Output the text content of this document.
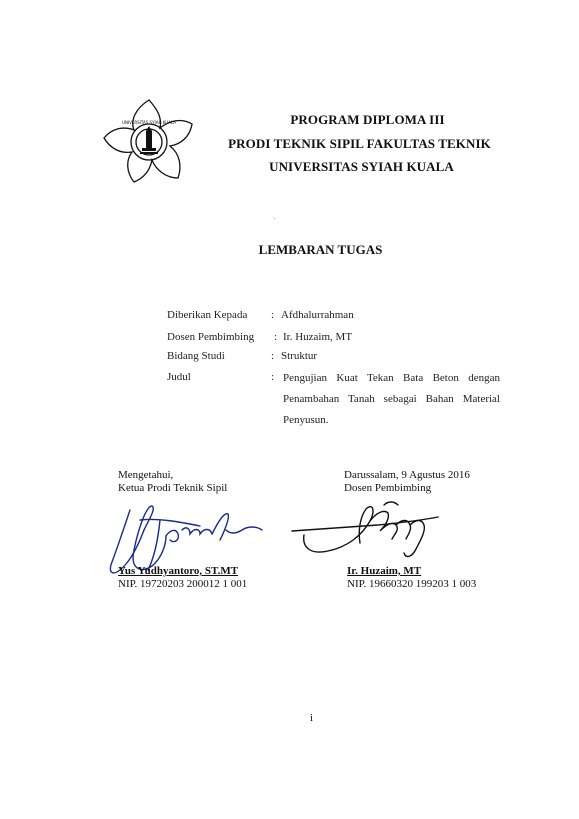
UNIVERSITAS SYIAH KUALA	PROGRAM DIPLOMA III
PRODI TEKNIK SIPIL FAKULTAS TEKNIK
UNIVERSITAS SYIAH KUALA
LEMBARAN TUGAS
Diberikan Kepada : Afdhalurrahman
Dosen Pembimbing : Ir. Huzaim, MT
Bidang Studi	: Struktur
Judul	: Pengujian Kuat Tekan Bata Beton dengan Penambahan Tanah sebagai Bahan Material Penyusun.
Mengetahui,
Ketua Prodi Teknik Sipil
Yus Yudhyantoro, ST.MT
NIP. 19720203 200012 1 001
Darussalam, 9 Agustus 2016
Dosen Pembimbing
Ir. Huzaim, MT
NIP. 19660320 199203 1 003
i
